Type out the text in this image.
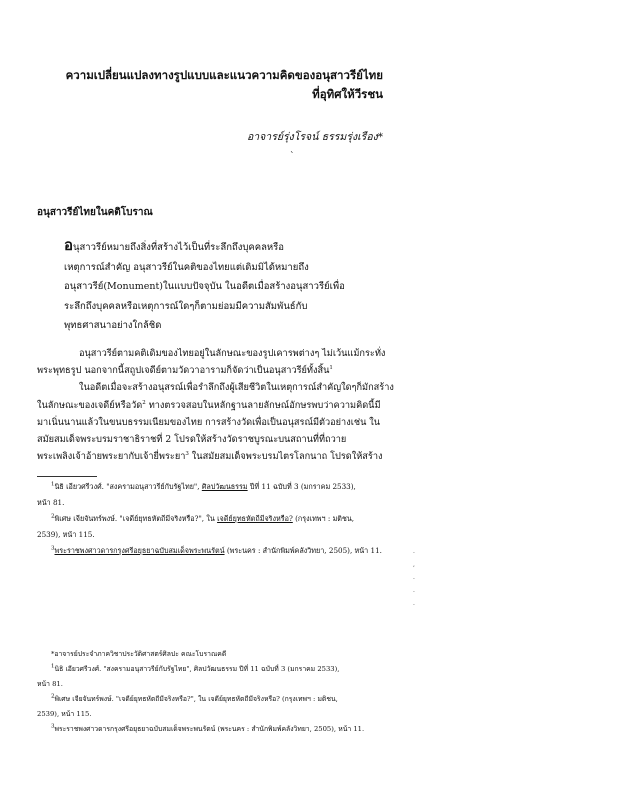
ความเปลี่ยนแปลงทางรูปแบบและแนวความคิดของอนุสาวรีย์ไทย
ที่อุทิศให้วีรชน
อาจารย์รุ่งโรจน์ ธรรมรุ่งเรือง*
`
อนุสาวรีย์ไทยในคติโบราณ

อนุสาวรีย์หมายถึงสิ่งที่สร้างไว้เป็นที่ระลึกถึงบุคคลหรือ

เหตุการณ์สำคัญ อนุสาวรีย์ในคติของไทยแต่เดิมมิได้หมายถึง

อนุสาวรีย์(Monument)ในแบบปัจจุบัน ในอดีตเมื่อสร้างอนุสาวรีย์เพื่อ

ระลึกถึงบุคคลหรือเหตุการณ์ใดๆก็ตามย่อมมีความสัมพันธ์กับ

พุทธศาสนาอย่างใกล้ชิด

อนุสาวรีย์ตามคติเดิมของไทยอยู่ในลักษณะของรูปเคารพต่างๆ ไม่เว้นแม้กระทั่ง

พระพุทธรูป นอกจากนี้สถูปเจดีย์ตามวัดวาอารามก็จัดว่าเป็นอนุสาวรีย์ทั้งสิ้น$^1$

ในอดีตเมื่อจะสร้างอนุสรณ์เพื่อรำลึกถึงผู้เสียชีวิตในเหตุการณ์สำคัญใดๆก็มักสร้าง

ในลักษณะของเจดีย์หรือวัด$^2$ ทางตรวจสอบในหลักฐานลายลักษณ์อักษรพบว่าความคิดนี้มี

มาเนิ่นนานแล้วในขนบธรรมเนียมของไทย การสร้างวัดเพื่อเป็นอนุสรณ์มีตัวอย่างเช่น ใน

สมัยสมเด็จพระบรมราชาธิราชที่ 2 โปรดให้สร้างวัดราชบูรณะบนสถานที่ที่ถวาย

พระเพลิงเจ้าอ้ายพระยากับเจ้ายี่พระยา$^3$ ในสมัยสมเด็จพระบรมไตรโลกนาถ โปรดให้สร้าง

$^1$นิธิ เอียวศรีวงศ์. "สงครามอนุสาวรีย์กับรัฐไทย", ศิลปวัฒนธรรม ปีที่ 11 ฉบับที่ 3 (มกราคม 2533),

หน้า 81.

$^2$พิเศษ เจียจันทร์พงษ์. "เจดีย์ยุทธหัตถีมีจริงหรือ?", ใน เจดีย์ยุทธหัตถีมีจริงหรือ? (กรุงเทพฯ : มติชน,

2539), หน้า 115.

$^3$พระราชพงศาวดารกรุงศรีอยุธยาฉบับสมเด็จพระพนรัตน์ (พระนคร : สำนักพิมพ์คลังวิทยา, 2505), หน้า 11.

*อาจารย์ประจำภาควิชาประวัติศาสตร์ศิลปะ คณะโบราณคดี

$^1$นิธิ เอียวศรีวงศ์. "สงครามอนุสาวรีย์กับรัฐไทย", ศิลปวัฒนธรรม ปีที่ 11 ฉบับที่ 3 (มกราคม 2533),

หน้า 81.

$^2$พิเศษ เจียจันทร์พงษ์. "เจดีย์ยุทธหัตถีมีจริงหรือ?", ใน เจดีย์ยุทธหัตถีมีจริงหรือ? (กรุงเทพฯ : มติชน,

2539), หน้า 115.

$^3$พระราชพงศาวดารกรุงศรีอยุธยาฉบับสมเด็จพระพนรัตน์ (พระนคร : สำนักพิมพ์คลังวิทยา, 2505), หน้า 11.

.
,
.
.
.
